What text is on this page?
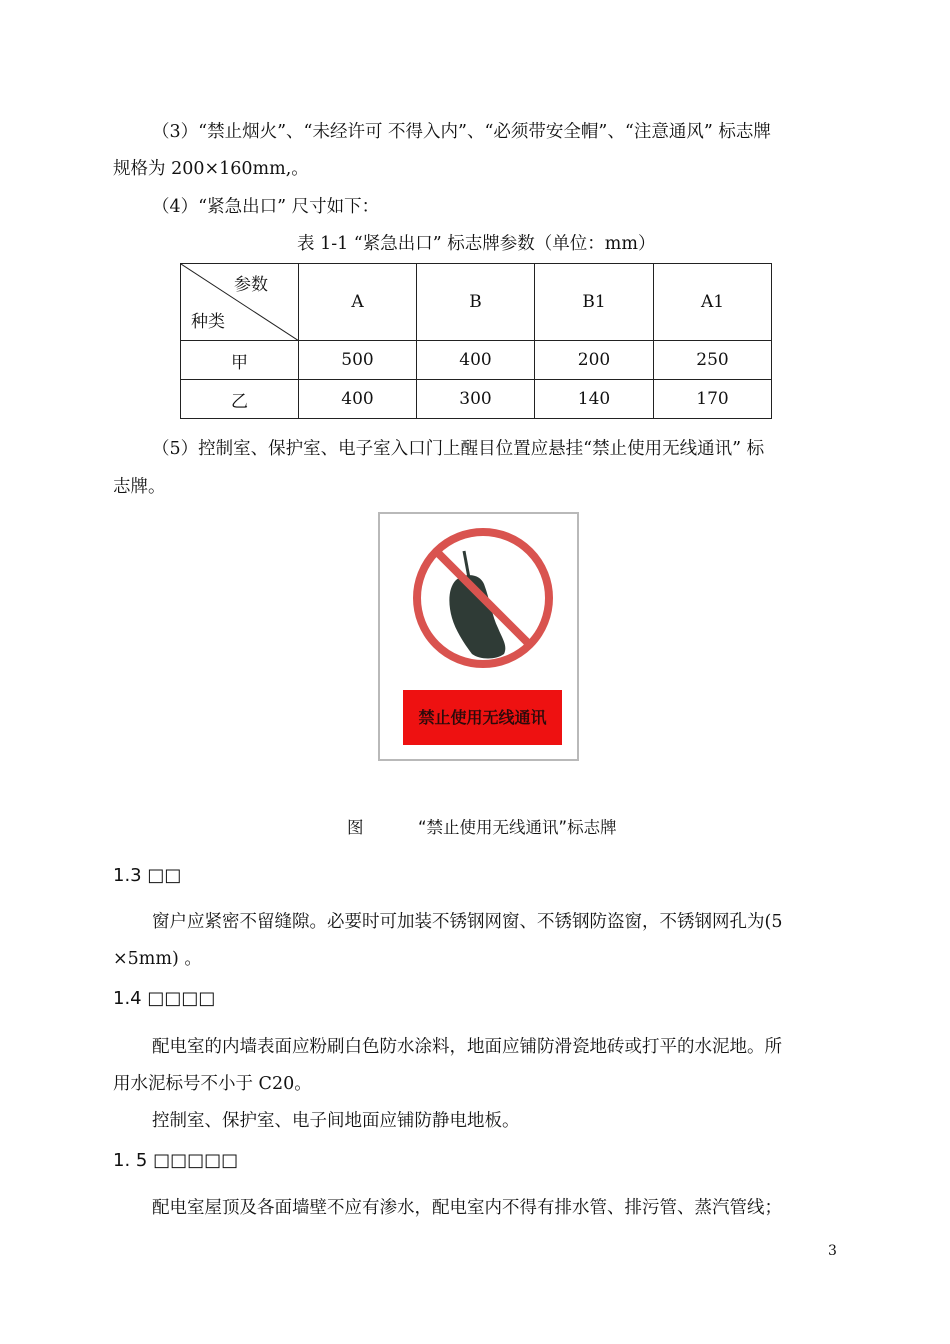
（3）“禁止烟火”、“未经许可 不得入内”、“必须带安全帽”、“注意通风” 标志牌
规格为 200×160mm,。
（4）“紧急出口” 尺寸如下：
表 1-1 “紧急出口” 标志牌参数（单位：mm）
参数
种类	A	B	B1	A1
甲	500	400	200	250
乙	400	300	140	170
（5）控制室、保护室、电子室入口门上醒目位置应悬挂“禁止使用无线通讯” 标
志牌。
禁止使用无线通讯
图	“禁止使用无线通讯”标志牌
1.3 □□
窗户应紧密不留缝隙。必要时可加装不锈钢网窗、不锈钢防盗窗，不锈钢网孔为(5
×5mm) 。
1.4 □□□□
配电室的内墙表面应粉刷白色防水涂料，地面应铺防滑瓷地砖或打平的水泥地。所
用水泥标号不小于 C20。
控制室、保护室、电子间地面应铺防静电地板。
1. 5 □□□□□
配电室屋顶及各面墙壁不应有渗水，配电室内不得有排水管、排污管、蒸汽管线；
3
